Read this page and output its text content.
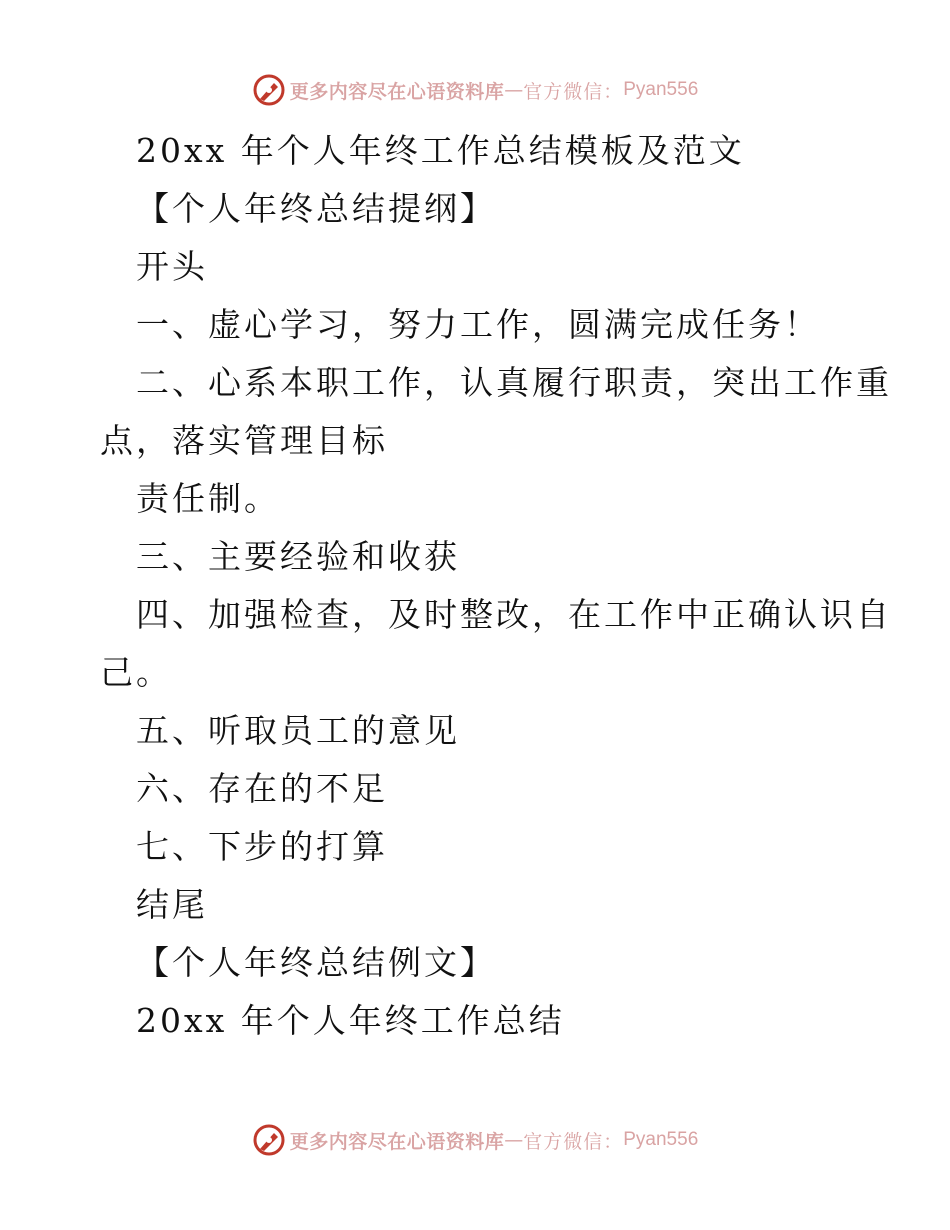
更多内容尽在心语资料库 — 官方微信： Pyan556
20xx 年个人年终工作总结模板及范文
【个人年终总结提纲】
开头
一、虚心学习，努力工作，圆满完成任务！
二、心系本职工作，认真履行职责，突出工作重
点，落实管理目标
责任制。
三、主要经验和收获
四、加强检查，及时整改，在工作中正确认识自
己。
五、听取员工的意见
六、存在的不足
七、下步的打算
结尾
【个人年终总结例文】
20xx 年个人年终工作总结
更多内容尽在心语资料库 — 官方微信： Pyan556
